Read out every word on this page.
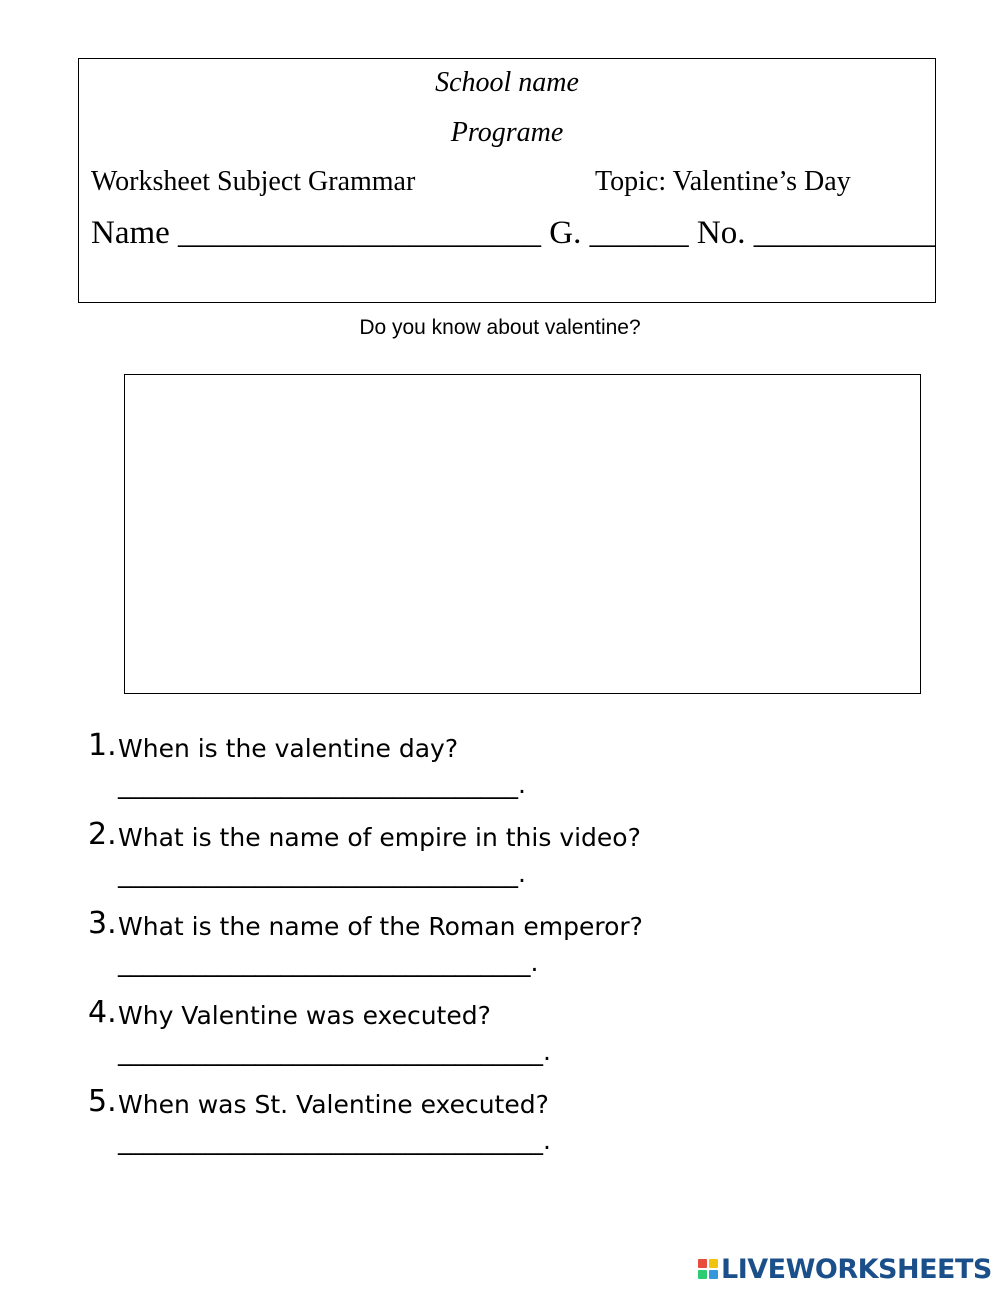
School name
Programe
Worksheet Subject Grammar	Topic: Valentine’s Day
Name ______________________ G. ______ No. ___________
Do you know about valentine?
1. When is the valentine day?
________________________________.
2. What is the name of empire in this video?
________________________________.
3. What is the name of the Roman emperor?
_________________________________.
4. Why Valentine was executed?
__________________________________.
5. When was St. Valentine executed?
__________________________________.
LIVEWORKSHEETS
